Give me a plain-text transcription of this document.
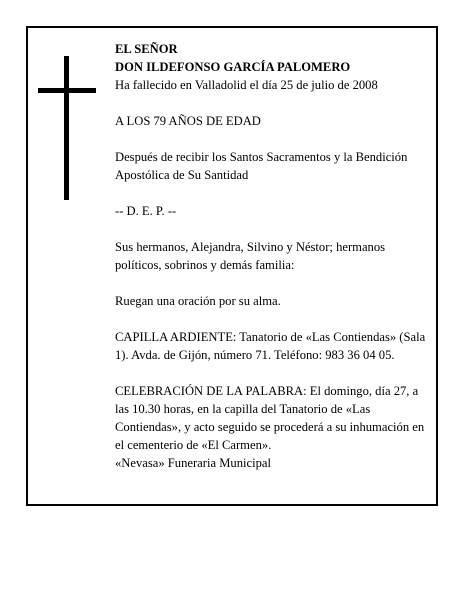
EL SEÑOR

DON ILDEFONSO GARCÍA PALOMERO

Ha fallecido en Valladolid el día 25 de julio de 2008

A LOS 79 AÑOS DE EDAD

Después de recibir los Santos Sacramentos y la Bendición Apostólica de Su Santidad

-- D. E. P. --

Sus hermanos, Alejandra, Silvino y Néstor; hermanos políticos, sobrinos y demás familia:

Ruegan una oración por su alma.

CAPILLA ARDIENTE: Tanatorio de «Las Contiendas» (Sala 1). Avda. de Gijón, número 71. Teléfono: 983 36 04 05.

CELEBRACIÓN DE LA PALABRA: El domingo, día 27, a las 10.30 horas, en la capilla del Tanatorio de «Las Contiendas», y acto seguido se procederá a su inhumación en el cementerio de «El Carmen».

«Nevasa» Funeraria Municipal
